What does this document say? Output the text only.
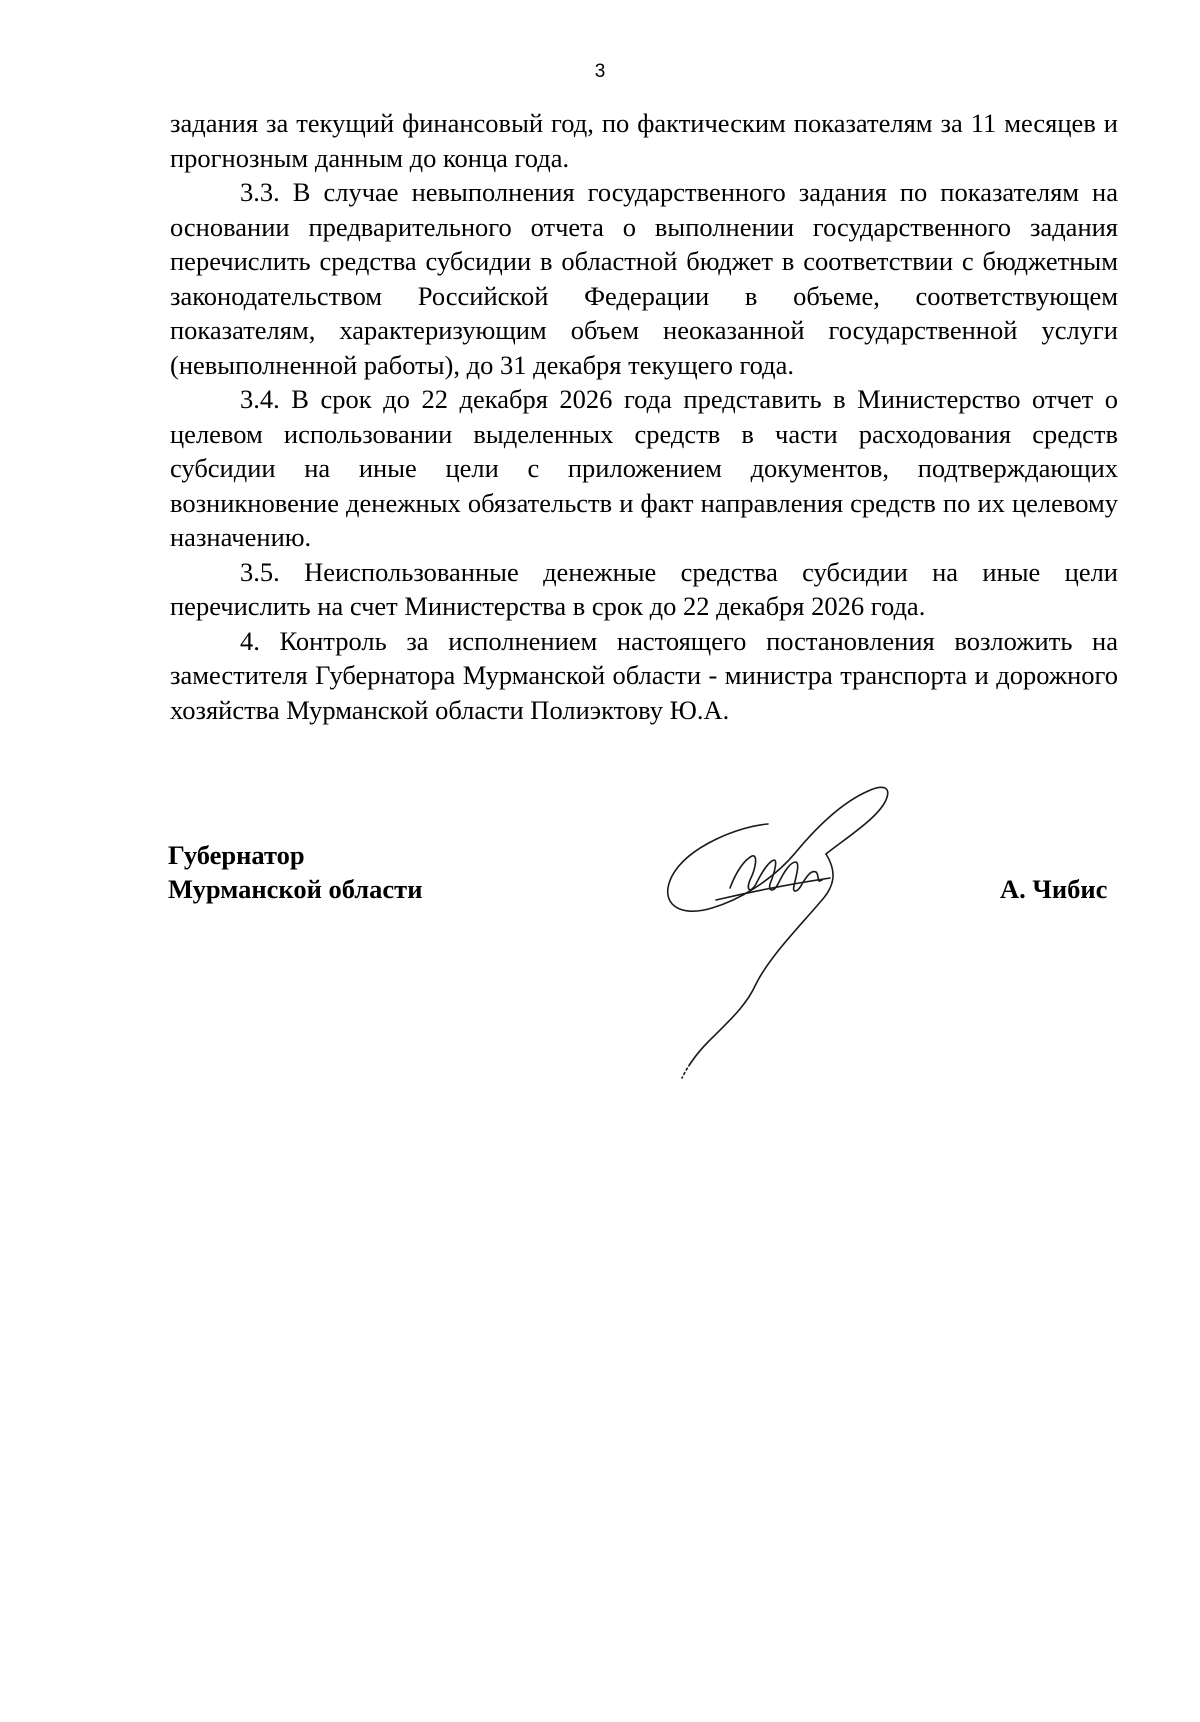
3

задания за текущий финансовый год, по фактическим показателям за 11 месяцев и прогнозным данным до конца года.

3.3. В случае невыполнения государственного задания по показателям на основании предварительного отчета о выполнении государственного задания перечислить средства субсидии в областной бюджет в соответствии с бюджетным законодательством Российской Федерации в объеме, соответствующем показателям, характеризующим объем неоказанной государственной услуги (невыполненной работы), до 31 декабря текущего года.

3.4. В срок до 22 декабря 2026 года представить в Министерство отчет о целевом использовании выделенных средств в части расходования средств субсидии на иные цели с приложением документов, подтверждающих возникновение денежных обязательств и факт направления средств по их целевому назначению.

3.5. Неиспользованные денежные средства субсидии на иные цели перечислить на счет Министерства в срок до 22 декабря 2026 года.

4. Контроль за исполнением настоящего постановления возложить на заместителя Губернатора Мурманской области - министра транспорта и дорожного хозяйства Мурманской области Полиэктову Ю.А.

Губернатор
Мурманской области	А. Чибис
